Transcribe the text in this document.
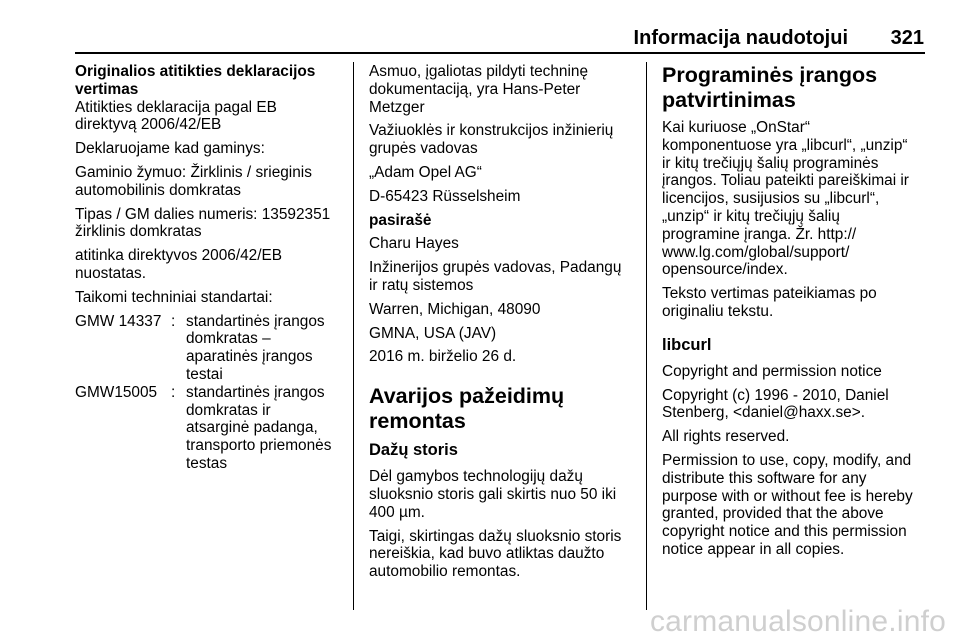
Informacija naudotojui 321

Originalios atitikties deklaracijos
vertimas

Atitikties deklaracija pagal EB
direktyvą 2006/42/EB

Deklaruojame kad gaminys:

Gaminio žymuo: Žirklinis / srieginis
automobilinis domkratas

Tipas / GM dalies numeris: 13592351
žirklinis domkratas

atitinka direktyvos 2006/42/EB
nuostatas.

Taikomi techniniai standartai:

GMW 14337 : standartinės įrangos
domkratas –
aparatinės įrangos
testai
GMW15005 : standartinės įrangos
domkratas ir
atsarginė padanga,
transporto priemonės
testas

Asmuo, įgaliotas pildyti techninę
dokumentaciją, yra Hans-Peter
Metzger

Važiuoklės ir konstrukcijos inžinierių
grupės vadovas

„Adam Opel AG“

D-65423 Rüsselsheim

pasirašė

Charu Hayes

Inžinerijos grupės vadovas, Padangų
ir ratų sistemos

Warren, Michigan, 48090

GMNA, USA (JAV)

2016 m. birželio 26 d.

Avarijos pažeidimų
remontas
Dažų storis

Dėl gamybos technologijų dažų
sluoksnio storis gali skirtis nuo 50 iki
400 µm.

Taigi, skirtingas dažų sluoksnio storis
nereiškia, kad buvo atliktas daužto
automobilio remontas.

Programinės įrangos
patvirtinimas

Kai kuriuose „OnStar“
komponentuose yra „libcurl“, „unzip“
ir kitų trečiųjų šalių programinės
įrangos. Toliau pateikti pareiškimai ir
licencijos, susijusios su „libcurl“,
„unzip“ ir kitų trečiųjų šalių
programine įranga. Žr. http://
www.lg.com/global/support/
opensource/index.

Teksto vertimas pateikiamas po
originaliu tekstu.

libcurl

Copyright and permission notice

Copyright (c) 1996 - 2010, Daniel
Stenberg, <daniel@haxx.se>.

All rights reserved.

Permission to use, copy, modify, and
distribute this software for any
purpose with or without fee is hereby
granted, provided that the above
copyright notice and this permission
notice appear in all copies.

carmanualsonline.info
